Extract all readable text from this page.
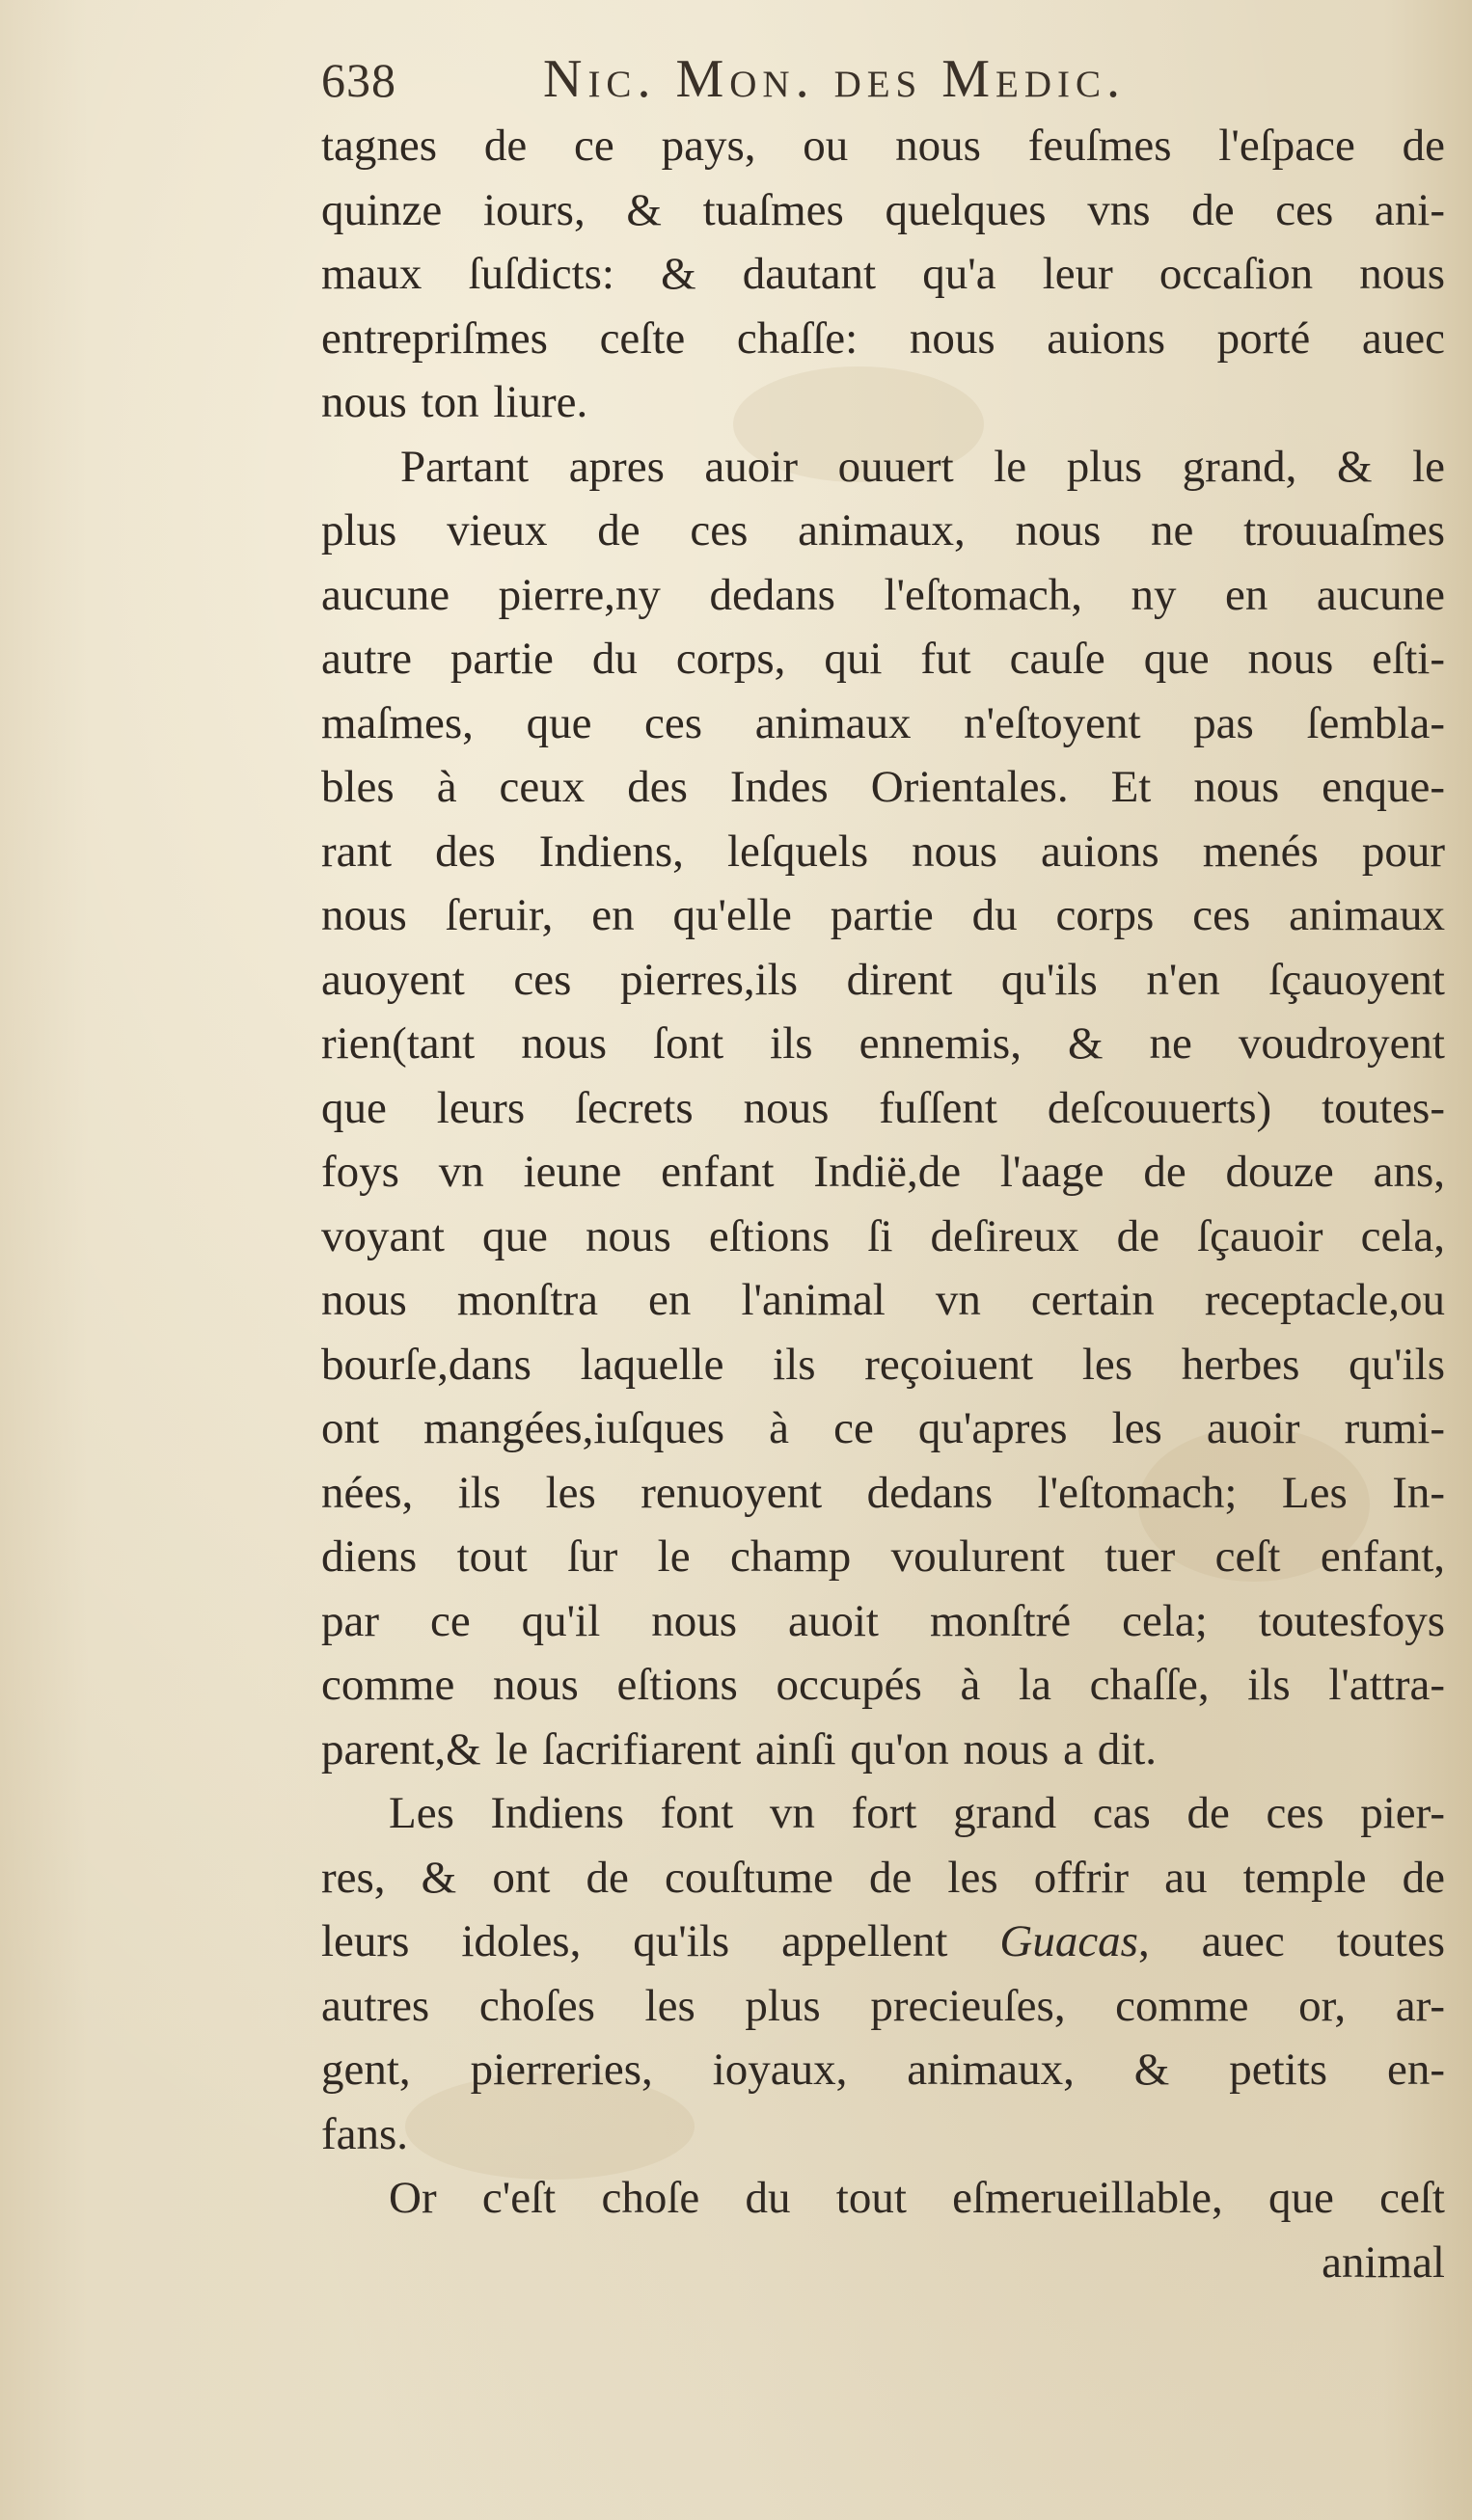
638	Nic. Mon. des Medic.
tagnes de ce pays, ou nous feuſmes l'eſpace de
quinze iours, & tuaſmes quelques vns de ces ani-
maux ſuſdicts: & dautant qu'a leur occaſion nous
entrepriſmes ceſte chaſſe: nous auions porté auec
nous ton liure.
Partant apres auoir ouuert le plus grand, & le
plus vieux de ces animaux, nous ne trouuaſmes
aucune pierre,ny dedans l'eſtomach, ny en aucune
autre partie du corps, qui fut cauſe que nous eſti-
maſmes, que ces animaux n'eſtoyent pas ſembla-
bles à ceux des Indes Orientales. Et nous enque-
rant des Indiens, leſquels nous auions menés pour
nous ſeruir, en qu'elle partie du corps ces animaux
auoyent ces pierres,ils dirent qu'ils n'en ſçauoyent
rien(tant nous ſont ils ennemis, & ne voudroyent
que leurs ſecrets nous fuſſent deſcouuerts) toutes-
foys vn ieune enfant Indië,de l'aage de douze ans,
voyant que nous eſtions ſi deſireux de ſçauoir cela,
nous monſtra en l'animal vn certain receptacle,ou
bourſe,dans laquelle ils reçoiuent les herbes qu'ils
ont mangées,iuſques à ce qu'apres les auoir rumi-
nées, ils les renuoyent dedans l'eſtomach; Les In-
diens tout ſur le champ voulurent tuer ceſt enfant,
par ce qu'il nous auoit monſtré cela; toutesfoys
comme nous eſtions occupés à la chaſſe, ils l'attra-
parent,& le ſacrifiarent ainſi qu'on nous a dit.
Les Indiens font vn fort grand cas de ces pier-
res, & ont de couſtume de les offrir au temple de
leurs idoles, qu'ils appellent Guacas, auec toutes
autres choſes les plus precieuſes, comme or, ar-
gent, pierreries, ioyaux, animaux, & petits en-
fans.
Or c'eſt choſe du tout eſmerueillable, que ceſt
animal
